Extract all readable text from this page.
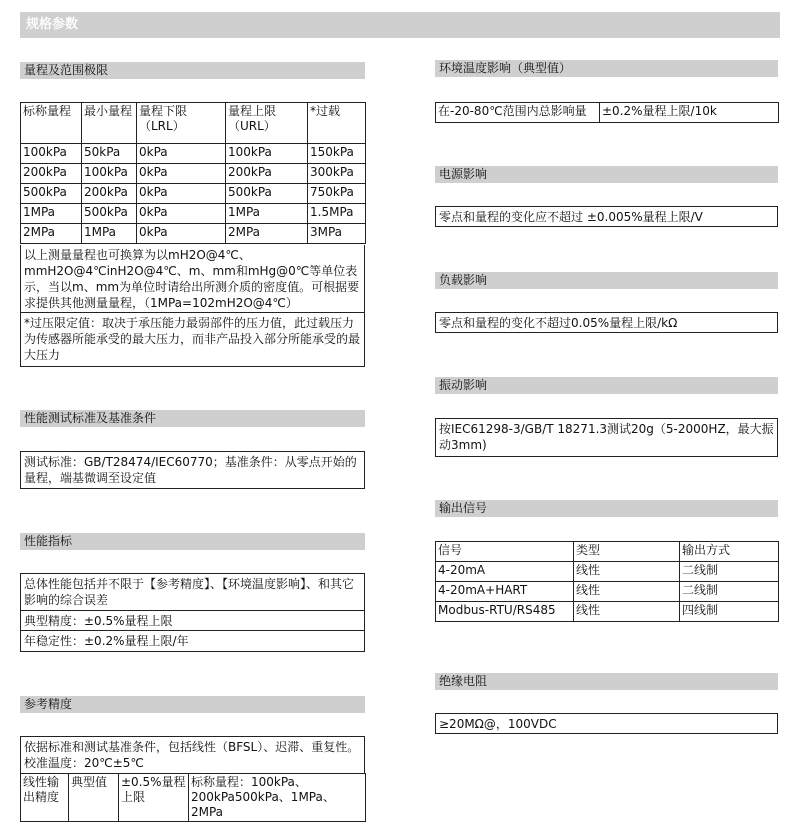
规格参数
量程及范围极限
标称量程	最小量程	量程下限（LRL）	量程上限（URL）	*过载
100kPa	50kPa	0kPa	100kPa	150kPa
200kPa	100kPa	0kPa	200kPa	300kPa
500kPa	200kPa	0kPa	500kPa	750kPa
1MPa	500kPa	0kPa	1MPa	1.5MPa
2MPa	1MPa	0kPa	2MPa	3MPa
以上测量量程也可换算为以mH2O@4℃、mmH2O@4℃inH2O@4℃、m、mm和mHg@0℃等单位表示，当以m、mm为单位时请给出所测介质的密度值。可根据要求提供其他测量量程，（1MPa=102mH2O@4℃）
*过压限定值：取决于承压能力最弱部件的压力值，此过载压力为传感器所能承受的最大压力，而非产品投入部分所能承受的最大压力
性能测试标准及基准条件
测试标准：GB/T28474/IEC60770；基准条件：从零点开始的量程，端基微调至设定值
性能指标
总体性能包括并不限于【参考精度】、【环境温度影响】、和其它影响的综合误差
典型精度：±0.5%量程上限
年稳定性：±0.2%量程上限/年
参考精度
依据标准和测试基准条件，包括线性（BFSL）、迟滞、重复性。校准温度：20℃±5℃
线性输出精度	典型值	±0.5%量程上限	标称量程：100kPa、200kPa500kPa、1MPa、2MPa
环境温度影响（典型值）
在-20-80℃范围内总影响量	±0.2%量程上限/10k
电源影响
零点和量程的变化应不超过 ±0.005%量程上限/V
负载影响
零点和量程的变化不超过0.05%量程上限/kΩ
振动影响
按IEC61298-3/GB/T 18271.3测试20g（5-2000HZ，最大振动3mm)
输出信号
信号	类型	输出方式
4-20mA	线性	二线制
4-20mA+HART	线性	二线制
Modbus-RTU/RS485	线性	四线制
绝缘电阻
≥20MΩ@，100VDC
